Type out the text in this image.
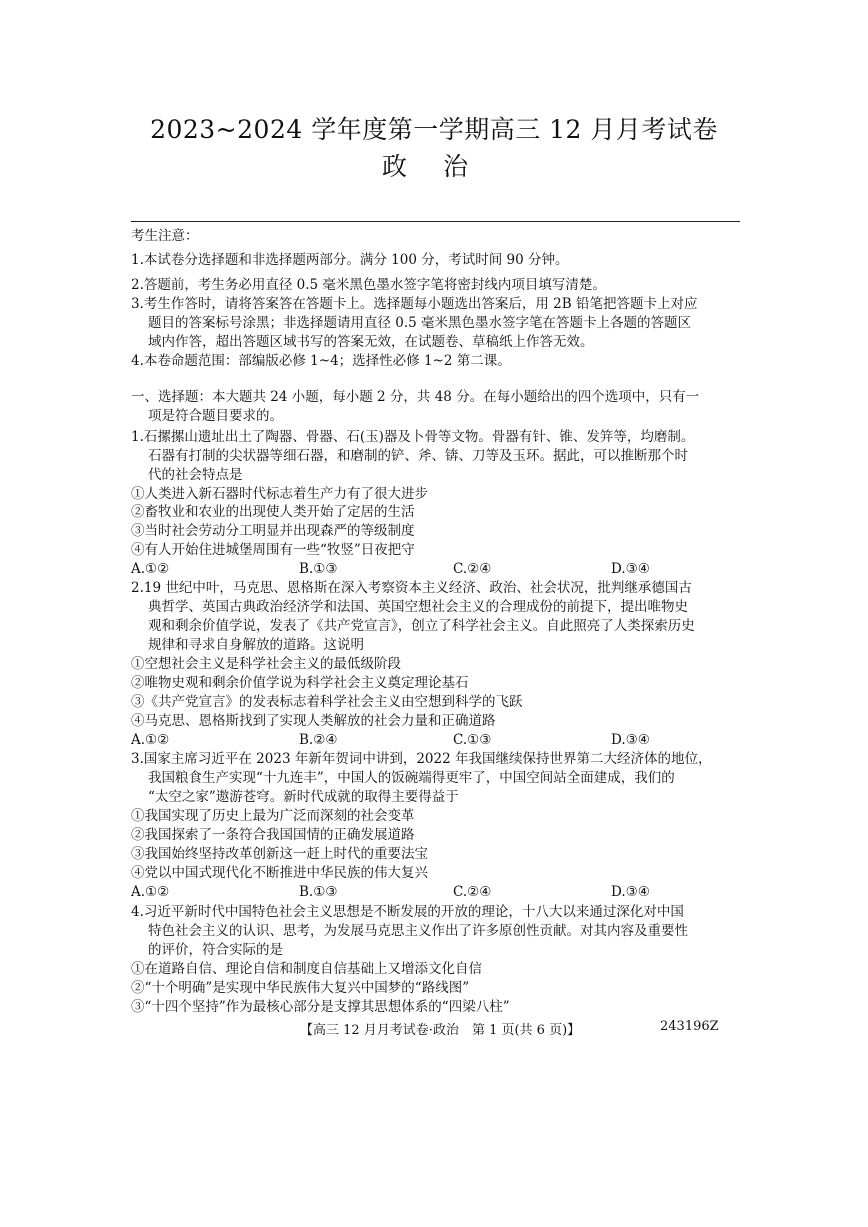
2023~2024 学年度第一学期高三 12 月月考试卷
政治
考生注意：
1.本试卷分选择题和非选择题两部分。满分 100 分，考试时间 90 分钟。
2.答题前，考生务必用直径 0.5 毫米黑色墨水签字笔将密封线内项目填写清楚。
3.考生作答时，请将答案答在答题卡上。选择题每小题选出答案后，用 2B 铅笔把答题卡上对应
题目的答案标号涂黑；非选择题请用直径 0.5 毫米黑色墨水签字笔在答题卡上各题的答题区
域内作答，超出答题区域书写的答案无效，在试题卷、草稿纸上作答无效。
4.本卷命题范围：部编版必修 1~4；选择性必修 1~2 第二课。
一、选择题：本大题共 24 小题，每小题 2 分，共 48 分。在每小题给出的四个选项中，只有一
项是符合题目要求的。
1.石摞摞山遗址出土了陶器、骨器、石(玉)器及卜骨等文物。骨器有针、锥、发笄等，均磨制。
石器有打制的尖状器等细石器，和磨制的铲、斧、锛、刀等及玉环。据此，可以推断那个时
代的社会特点是
①人类进入新石器时代标志着生产力有了很大进步
②畜牧业和农业的出现使人类开始了定居的生活
③当时社会劳动分工明显并出现森严的等级制度
④有人开始住进城堡周围有一些“牧竖”日夜把守
A.①②	B.①③	C.②④	D.③④
2.19 世纪中叶，马克思、恩格斯在深入考察资本主义经济、政治、社会状况，批判继承德国古
典哲学、英国古典政治经济学和法国、英国空想社会主义的合理成份的前提下，提出唯物史
观和剩余价值学说，发表了《共产党宣言》，创立了科学社会主义。自此照亮了人类探索历史
规律和寻求自身解放的道路。这说明
①空想社会主义是科学社会主义的最低级阶段
②唯物史观和剩余价值学说为科学社会主义奠定理论基石
③《共产党宣言》的发表标志着科学社会主义由空想到科学的飞跃
④马克思、恩格斯找到了实现人类解放的社会力量和正确道路
A.①②	B.②④	C.①③	D.③④
3.国家主席习近平在 2023 年新年贺词中讲到，2022 年我国继续保持世界第二大经济体的地位，
我国粮食生产实现“十九连丰”，中国人的饭碗端得更牢了，中国空间站全面建成，我们的
“太空之家”遨游苍穹。新时代成就的取得主要得益于
①我国实现了历史上最为广泛而深刻的社会变革
②我国探索了一条符合我国国情的正确发展道路
③我国始终坚持改革创新这一赶上时代的重要法宝
④党以中国式现代化不断推进中华民族的伟大复兴
A.①②	B.①③	C.②④	D.③④
4.习近平新时代中国特色社会主义思想是不断发展的开放的理论，十八大以来通过深化对中国
特色社会主义的认识、思考，为发展马克思主义作出了许多原创性贡献。对其内容及重要性
的评价，符合实际的是
①在道路自信、理论自信和制度自信基础上又增添文化自信
②“十个明确”是实现中华民族伟大复兴中国梦的“路线图”
③“十四个坚持”作为最核心部分是支撑其思想体系的“四梁八柱”
【高三 12 月月考试卷·政治　第 1 页(共 6 页)】	243196Z
